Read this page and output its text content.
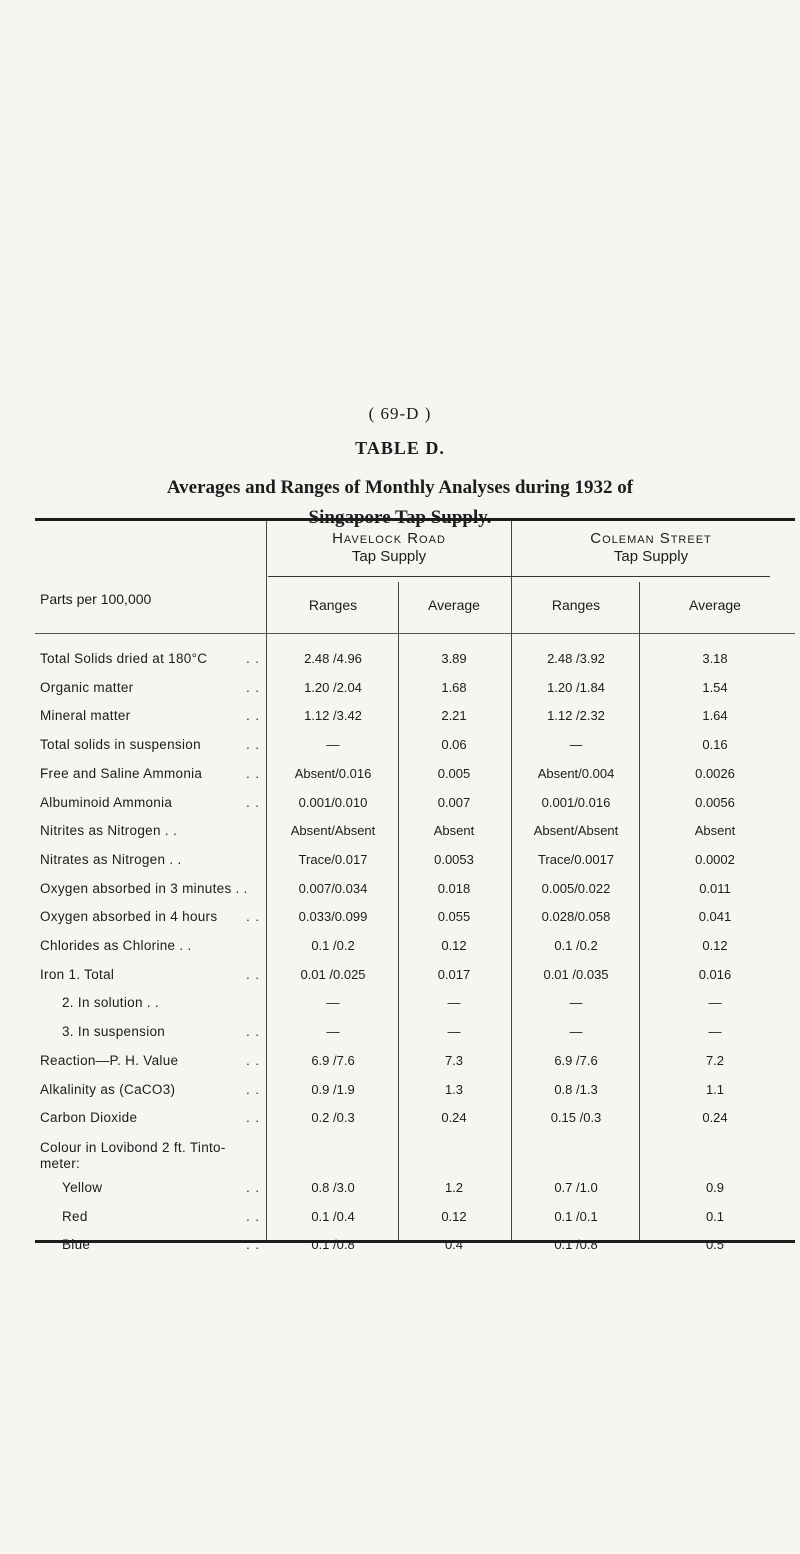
( 69-D )
TABLE D.
Averages and Ranges of Monthly Analyses during 1932 of
Parts per 100,000
Havelock Road
Tap Supply
Coleman Street
Tap Supply
Ranges	Average	Ranges	Average
Total Solids dried at 180°C	. .	2.48 /4.96	3.89	2.48 /3.92	3.18
Organic matter	. .	1.20 /2.04	1.68	1.20 /1.84	1.54
Mineral matter	. .	1.12 /3.42	2.21	1.12 /2.32	1.64
Total solids in suspension	. .	—	0.06	—	0.16
Free and Saline Ammonia	. .	Absent/0.016	0.005	Absent/0.004	0.0026
Albuminoid Ammonia	. .	0.001/0.010	0.007	0.001/0.016	0.0056
Nitrites as Nitrogen . .	Absent/Absent	Absent	Absent/Absent	Absent
Nitrates as Nitrogen . .	Trace/0.017	0.0053	Trace/0.0017	0.0002
Oxygen absorbed in 3 minutes . .	0.007/0.034	0.018	0.005/0.022	0.011
Oxygen absorbed in 4 hours	. .	0.033/0.099	0.055	0.028/0.058	0.041
Chlorides as Chlorine . .	0.1 /0.2	0.12	0.1 /0.2	0.12
Iron 1. Total	. .	0.01 /0.025	0.017	0.01 /0.035	0.016
2. In solution . .	—	—	—	—
3. In suspension	. .	—	—	—	—
Reaction—P. H. Value	. .	6.9 /7.6	7.3	6.9 /7.6	7.2
Alkalinity as (CaCO3)	. .	0.9 /1.9	1.3	0.8 /1.3	1.1
Carbon Dioxide	. .	0.2 /0.3	0.24	0.15 /0.3	0.24
Colour in Lovibond 2 ft. Tinto-
meter:
Yellow	. .	0.8 /3.0	1.2	0.7 /1.0	0.9
Red	. .	0.1 /0.4	0.12	0.1 /0.1	0.1
Blue	. .	0.1 /0.8	0.4	0.1 /0.8	0.5
